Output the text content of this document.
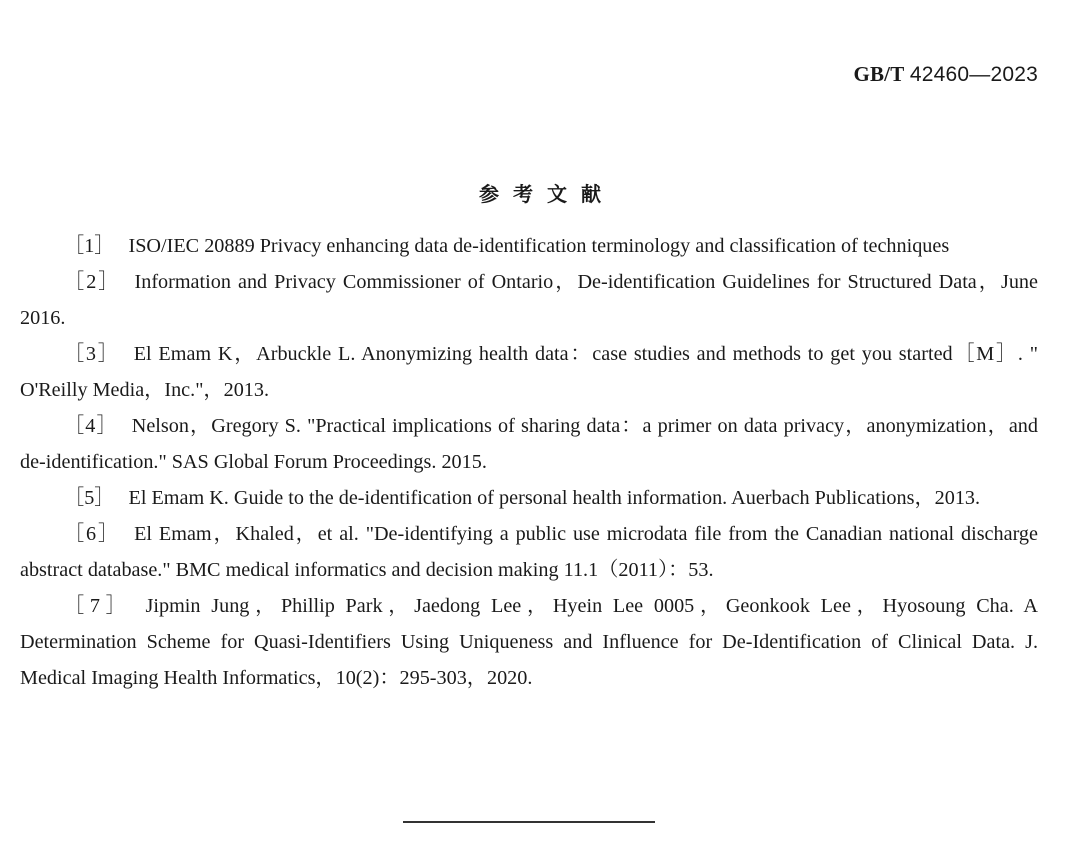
GB/T 42460—2023
参考文献
［1］ ISO/IEC 20889 Privacy enhancing data de-identification terminology and classification of techniques
［2］ Information and Privacy Commissioner of Ontario，De-identification Guidelines for Structured Data，June 2016.
［3］ El Emam K，Arbuckle L. Anonymizing health data：case studies and methods to get you started［M］. " O'Reilly Media，Inc."，2013.
［4］ Nelson，Gregory S. "Practical implications of sharing data：a primer on data privacy，anonymization，and de-identification." SAS Global Forum Proceedings. 2015.
［5］ El Emam K. Guide to the de-identification of personal health information. Auerbach Publications，2013.
［6］ El Emam，Khaled，et al. "De-identifying a public use microdata file from the Canadian national discharge abstract database." BMC medical informatics and decision making 11.1（2011）：53.
［7］ Jipmin Jung，Phillip Park，Jaedong Lee，Hyein Lee 0005，Geonkook Lee，Hyosoung Cha. A Determination Scheme for Quasi-Identifiers Using Uniqueness and Influence for De-Identification of Clinical Data. J. Medical Imaging Health Informatics，10(2)：295-303，2020.
